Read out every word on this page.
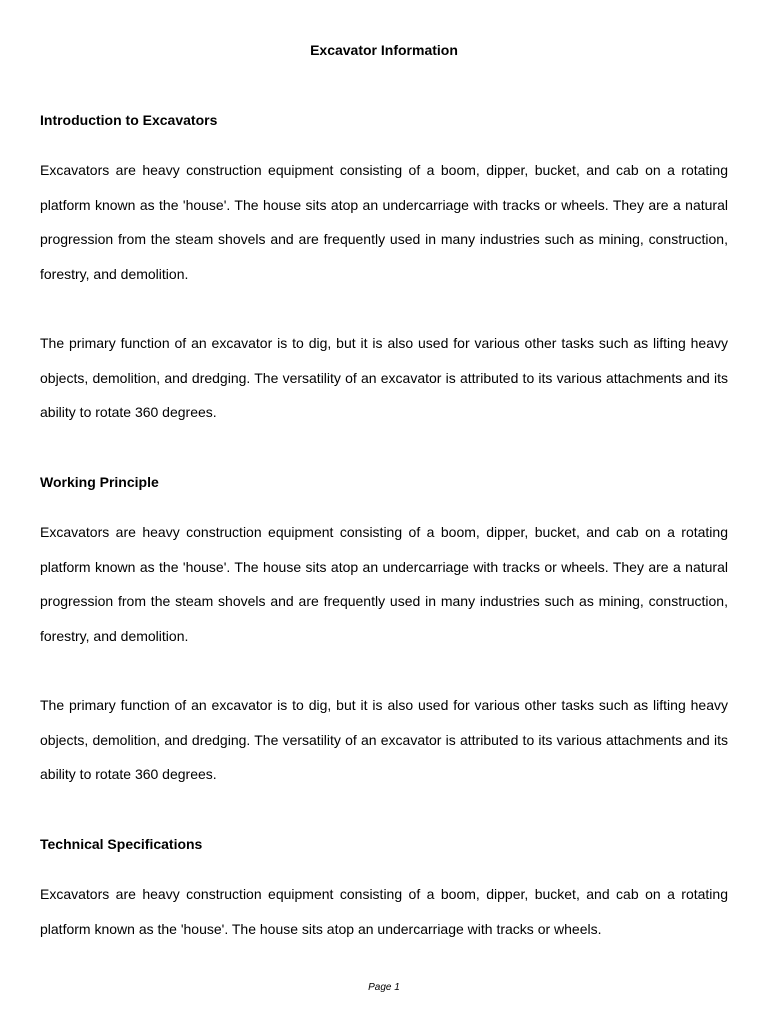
Excavator Information
Introduction to Excavators
Excavators are heavy construction equipment consisting of a boom, dipper, bucket, and cab on a rotating platform known as the 'house'. The house sits atop an undercarriage with tracks or wheels. They are a natural progression from the steam shovels and are frequently used in many industries such as mining, construction, forestry, and demolition.
The primary function of an excavator is to dig, but it is also used for various other tasks such as lifting heavy objects, demolition, and dredging. The versatility of an excavator is attributed to its various attachments and its ability to rotate 360 degrees.
Working Principle
Excavators are heavy construction equipment consisting of a boom, dipper, bucket, and cab on a rotating platform known as the 'house'. The house sits atop an undercarriage with tracks or wheels. They are a natural progression from the steam shovels and are frequently used in many industries such as mining, construction, forestry, and demolition.
The primary function of an excavator is to dig, but it is also used for various other tasks such as lifting heavy objects, demolition, and dredging. The versatility of an excavator is attributed to its various attachments and its ability to rotate 360 degrees.
Technical Specifications
Excavators are heavy construction equipment consisting of a boom, dipper, bucket, and cab on a rotating platform known as the 'house'. The house sits atop an undercarriage with tracks or wheels.
Page 1
